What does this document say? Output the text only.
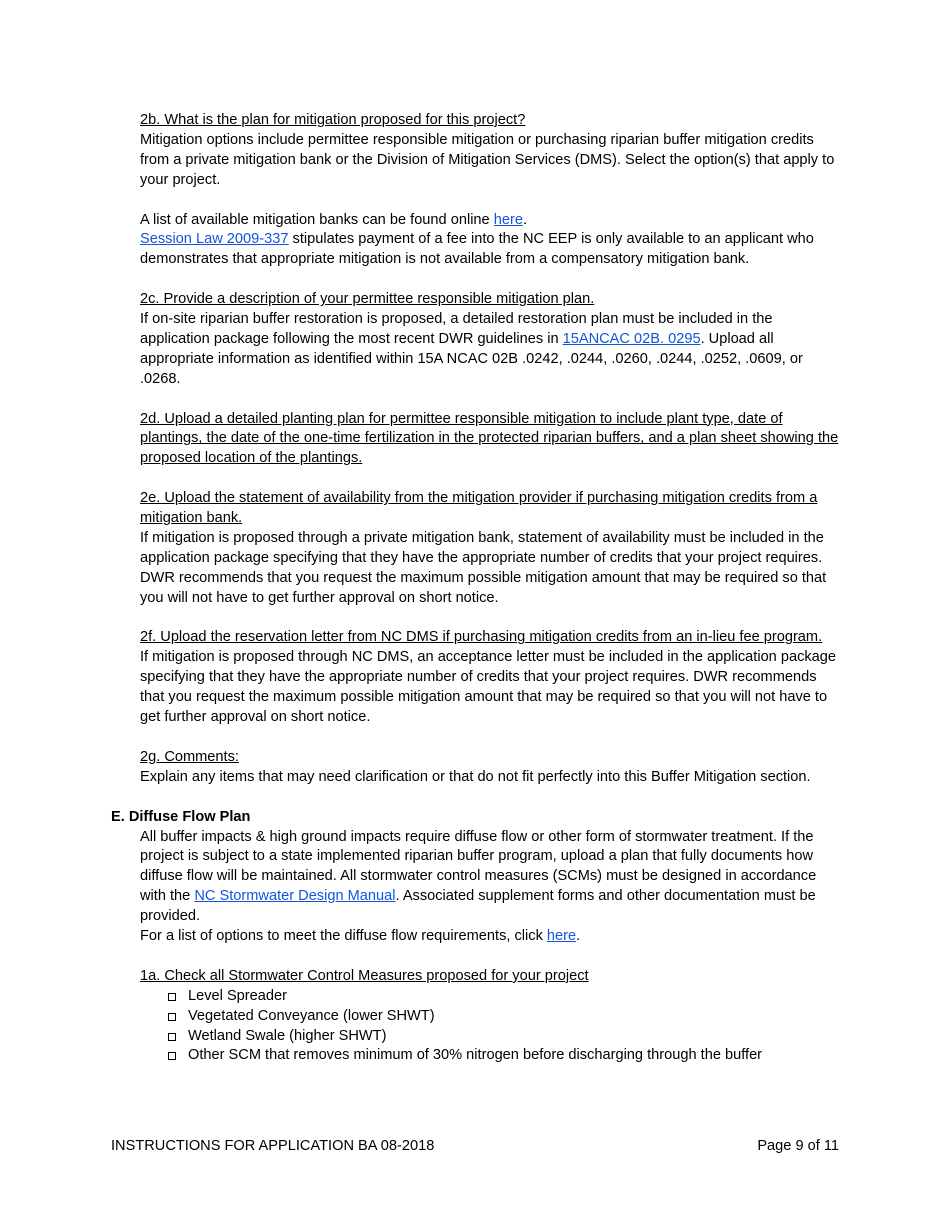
2b. What is the plan for mitigation proposed for this project?
Mitigation options include permittee responsible mitigation or purchasing riparian buffer mitigation credits from a private mitigation bank or the Division of Mitigation Services (DMS). Select the option(s) that apply to your project.

A list of available mitigation banks can be found online here.
Session Law 2009-337 stipulates payment of a fee into the NC EEP is only available to an applicant who demonstrates that appropriate mitigation is not available from a compensatory mitigation bank.

2c. Provide a description of your permittee responsible mitigation plan.
If on-site riparian buffer restoration is proposed, a detailed restoration plan must be included in the application package following the most recent DWR guidelines in 15ANCAC 02B. 0295. Upload all appropriate information as identified within 15A NCAC 02B .0242, .0244, .0260, .0244, .0252, .0609, or .0268.

2d. Upload a detailed planting plan for permittee responsible mitigation to include plant type, date of plantings, the date of the one-time fertilization in the protected riparian buffers, and a plan sheet showing the proposed location of the plantings.

2e. Upload the statement of availability from the mitigation provider if purchasing mitigation credits from a mitigation bank.
If mitigation is proposed through a private mitigation bank, statement of availability must be included in the application package specifying that they have the appropriate number of credits that your project requires. DWR recommends that you request the maximum possible mitigation amount that may be required so that you will not have to get further approval on short notice.

2f. Upload the reservation letter from NC DMS if purchasing mitigation credits from an in-lieu fee program.
If mitigation is proposed through NC DMS, an acceptance letter must be included in the application package specifying that they have the appropriate number of credits that your project requires. DWR recommends that you request the maximum possible mitigation amount that may be required so that you will not have to get further approval on short notice.

2g. Comments:
Explain any items that may need clarification or that do not fit perfectly into this Buffer Mitigation section.

E. Diffuse Flow Plan

All buffer impacts & high ground impacts require diffuse flow or other form of stormwater treatment. If the project is subject to a state implemented riparian buffer program, upload a plan that fully documents how diffuse flow will be maintained. All stormwater control measures (SCMs) must be designed in accordance with the NC Stormwater Design Manual. Associated supplement forms and other documentation must be provided.
For a list of options to meet the diffuse flow requirements, click here.

1a. Check all Stormwater Control Measures proposed for your project

Level Spreader
Vegetated Conveyance (lower SHWT)
Wetland Swale (higher SHWT)
Other SCM that removes minimum of 30% nitrogen before discharging through the buffer
INSTRUCTIONS FOR APPLICATION BA 08-2018	Page 9 of 11
